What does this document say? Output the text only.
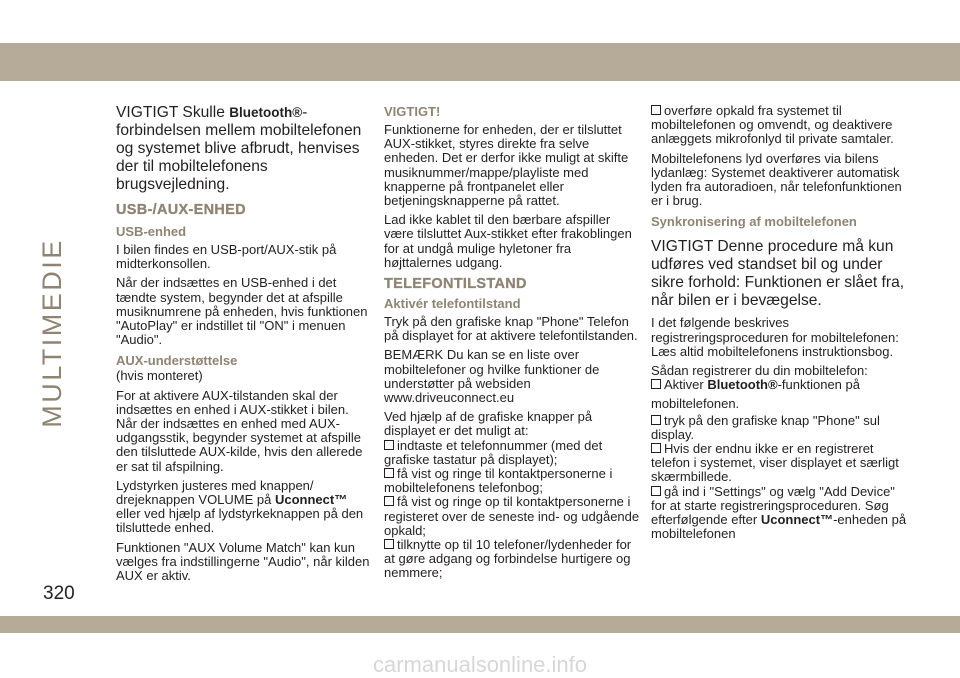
MULTIMEDIE

VIGTIGT Skulle Bluetooth®-forbindelsen mellem mobiltelefonen og systemet blive afbrudt, henvises der til mobiltelefonens brugsvejledning.

USB-/AUX-ENHED
USB-enhed

I bilen findes en USB-port/AUX-stik på midterkonsollen.

Når der indsættes en USB-enhed i det tændte system, begynder det at afspille musiknumrene på enheden, hvis funktionen "AutoPlay" er indstillet til "ON" i menuen "Audio".

AUX-understøttelse

(hvis monteret)

For at aktivere AUX-tilstanden skal der indsættes en enhed i AUX-stikket i bilen. Når der indsættes en enhed med AUX-udgangsstik, begynder systemet at afspille den tilsluttede AUX-kilde, hvis den allerede er sat til afspilning.

Lydstyrken justeres med knappen/ drejeknappen VOLUME på Uconnect™ eller ved hjælp af lydstyrkeknappen på den tilsluttede enhed.

Funktionen "AUX Volume Match" kan kun vælges fra indstillingerne "Audio", når kilden AUX er aktiv.

VIGTIGT!

Funktionerne for enheden, der er tilsluttet AUX-stikket, styres direkte fra selve enheden. Det er derfor ikke muligt at skifte musiknummer/mappe/playliste med knapperne på frontpanelet eller betjeningsknapperne på rattet.

Lad ikke kablet til den bærbare afspiller være tilsluttet Aux-stikket efter frakoblingen for at undgå mulige hyletoner fra højttalernes udgang.

TELEFONTILSTAND
Aktivér telefontilstand

Tryk på den grafiske knap "Phone" Telefon på displayet for at aktivere telefontilstanden.

BEMÆRK Du kan se en liste over mobiltelefoner og hvilke funktioner de understøtter på websiden www.driveuconnect.eu

Ved hjælp af de grafiske knapper på displayet er det muligt at:

indtaste et telefonnummer (med det grafiske tastatur på displayet);

få vist og ringe til kontaktpersonerne i mobiltelefonens telefonbog;

få vist og ringe op til kontaktpersonerne i registeret over de seneste ind- og udgående opkald;

tilknytte op til 10 telefoner/lydenheder for at gøre adgang og forbindelse hurtigere og nemmere;

overføre opkald fra systemet til mobiltelefonen og omvendt, og deaktivere anlæggets mikrofonlyd til private samtaler.

Mobiltelefonens lyd overføres via bilens lydanlæg: Systemet deaktiverer automatisk lyden fra autoradioen, når telefonfunktionen er i brug.

Synkronisering af mobiltelefonen

VIGTIGT Denne procedure må kun udføres ved standset bil og under sikre forhold: Funktionen er slået fra, når bilen er i bevægelse.

I det følgende beskrives registreringsproceduren for mobiltelefonen: Læs altid mobiltelefonens instruktionsbog.

Sådan registrerer du din mobiltelefon:

Aktiver Bluetooth®-funktionen på

mobiltelefonen.

tryk på den grafiske knap "Phone" sul display.

Hvis der endnu ikke er en registreret telefon i systemet, viser displayet et særligt skærmbillede.

gå ind i "Settings" og vælg "Add Device" for at starte registreringsproceduren. Søg efterfølgende efter Uconnect™-enheden på mobiltelefonen

320
carmanualsonline.info
